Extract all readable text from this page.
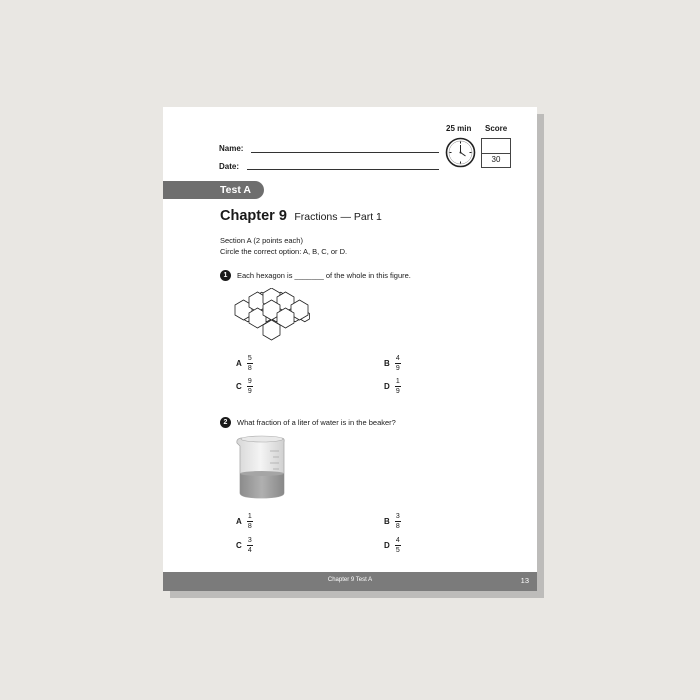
Name:
Date:
25 min Score
30
Test A
Chapter 9 Fractions — Part 1
Section A (2 points each)
Circle the correct option: A, B, C, or D.
1	Each hexagon is _______ of the whole in this figure.
A $\frac{5}{8}$	B $\frac{4}{9}$
C $\frac{9}{9}$	D $\frac{1}{9}$
2	What fraction of a liter of water is in the beaker?
A $\frac{1}{8}$	B $\frac{3}{8}$
C $\frac{3}{4}$	D $\frac{4}{5}$
Chapter 9 Test A	13
